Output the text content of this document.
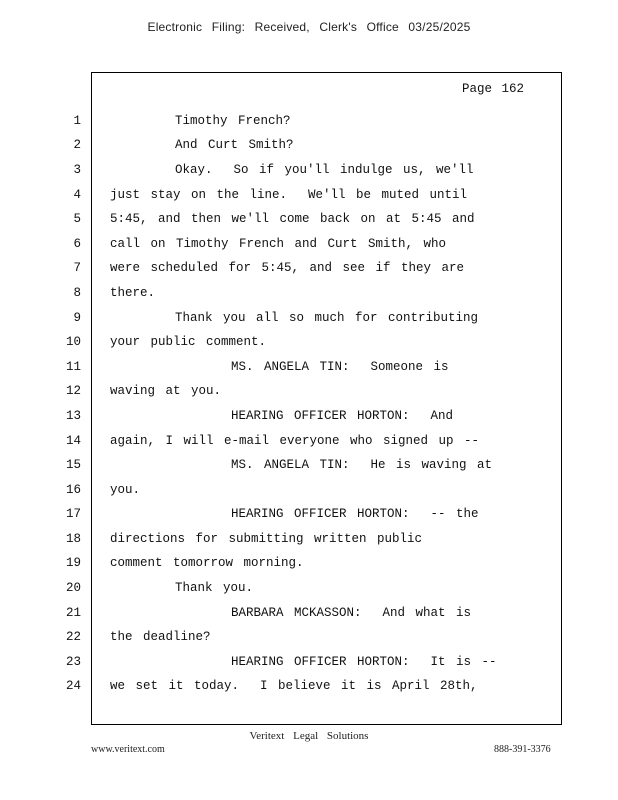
Electronic Filing: Received, Clerk's Office 03/25/2025
Page 162
1	Timothy French?
2	And Curt Smith?
3	Okay.  So if you'll indulge us, we'll
4 just stay on the line.  We'll be muted until
5 5:45, and then we'll come back on at 5:45 and
6 call on Timothy French and Curt Smith, who
7 were scheduled for 5:45, and see if they are
8 there.
9	Thank you all so much for contributing
10 your public comment.
11	MS. ANGELA TIN:  Someone is
12 waving at you.
13	HEARING OFFICER HORTON:  And
14 again, I will e-mail everyone who signed up --
15	MS. ANGELA TIN:  He is waving at
16 you.
17	HEARING OFFICER HORTON:  -- the
18 directions for submitting written public
19 comment tomorrow morning.
20	Thank you.
21	BARBARA MCKASSON:  And what is
22 the deadline?
23	HEARING OFFICER HORTON:  It is --
24 we set it today.  I believe it is April 28th,
Veritext Legal Solutions
www.veritext.com	888-391-3376
